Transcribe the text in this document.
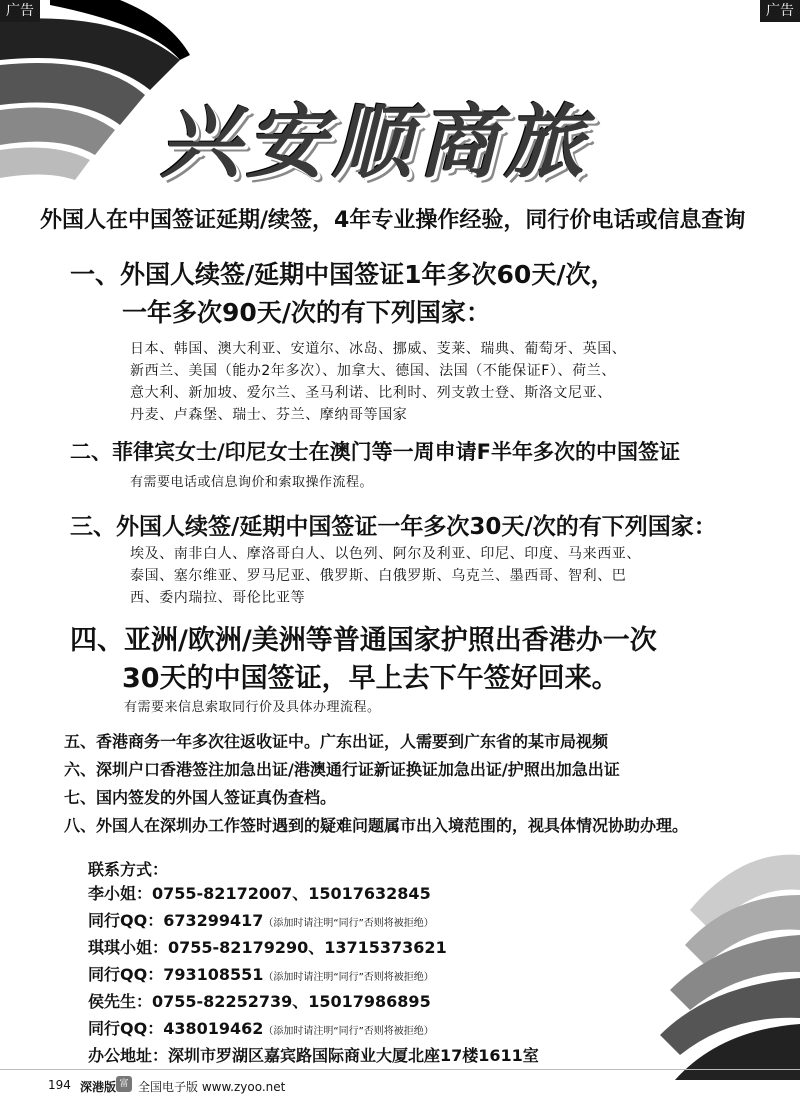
广告	广告
兴安顺商旅
外国人在中国签证延期/续签，4年专业操作经验，同行价电话或信息查询
一、外国人续签/延期中国签证1年多次60天/次，
一年多次90天/次的有下列国家：
日本、韩国、澳大利亚、安道尔、冰岛、挪威、芰莱、瑞典、葡萄牙、英国、
新西兰、美国（能办2年多次）、加拿大、德国、法国（不能保证F）、荷兰、
意大利、新加坡、爱尔兰、圣马利诺、比利时、列支敦士登、斯洛文尼亚、
丹麦、卢森堡、瑞士、芬兰、摩纳哥等国家
二、菲律宾女士/印尼女士在澳门等一周申请F半年多次的中国签证
有需要电话或信息询价和索取操作流程。
三、外国人续签/延期中国签证一年多次30天/次的有下列国家：
埃及、南非白人、摩洛哥白人、以色列、阿尔及利亚、印尼、印度、马来西亚、
泰国、塞尔维亚、罗马尼亚、俄罗斯、白俄罗斯、乌克兰、墨西哥、智利、巴
西、委内瑞拉、哥伦比亚等
四、亚洲/欧洲/美洲等普通国家护照出香港办一次
30天的中国签证，早上去下午签好回来。
有需要来信息索取同行价及具体办理流程。
五、香港商务一年多次往返收证中。广东出证，人需要到广东省的某市局视频
六、深圳户口香港签注加急出证/港澳通行证新证换证加急出证/护照出加急出证
七、国内签发的外国人签证真伪查档。
八、外国人在深圳办工作签时遇到的疑难问题属市出入境范围的，视具体情况协助办理。
联系方式：
李小姐：0755-82172007、15017632845
同行QQ：673299417（添加时请注明“同行”否则将被拒绝）
琪琪小姐：0755-82179290、13715373621
同行QQ：793108551（添加时请注明“同行”否则将被拒绝）
侯先生：0755-82252739、15017986895
同行QQ：438019462（添加时请注明“同行”否则将被拒绝）
办公地址：深圳市罗湖区嘉宾路国际商业大厦北座17楼1611室
194 深港版 富 全国电子版 www.zyoo.net
